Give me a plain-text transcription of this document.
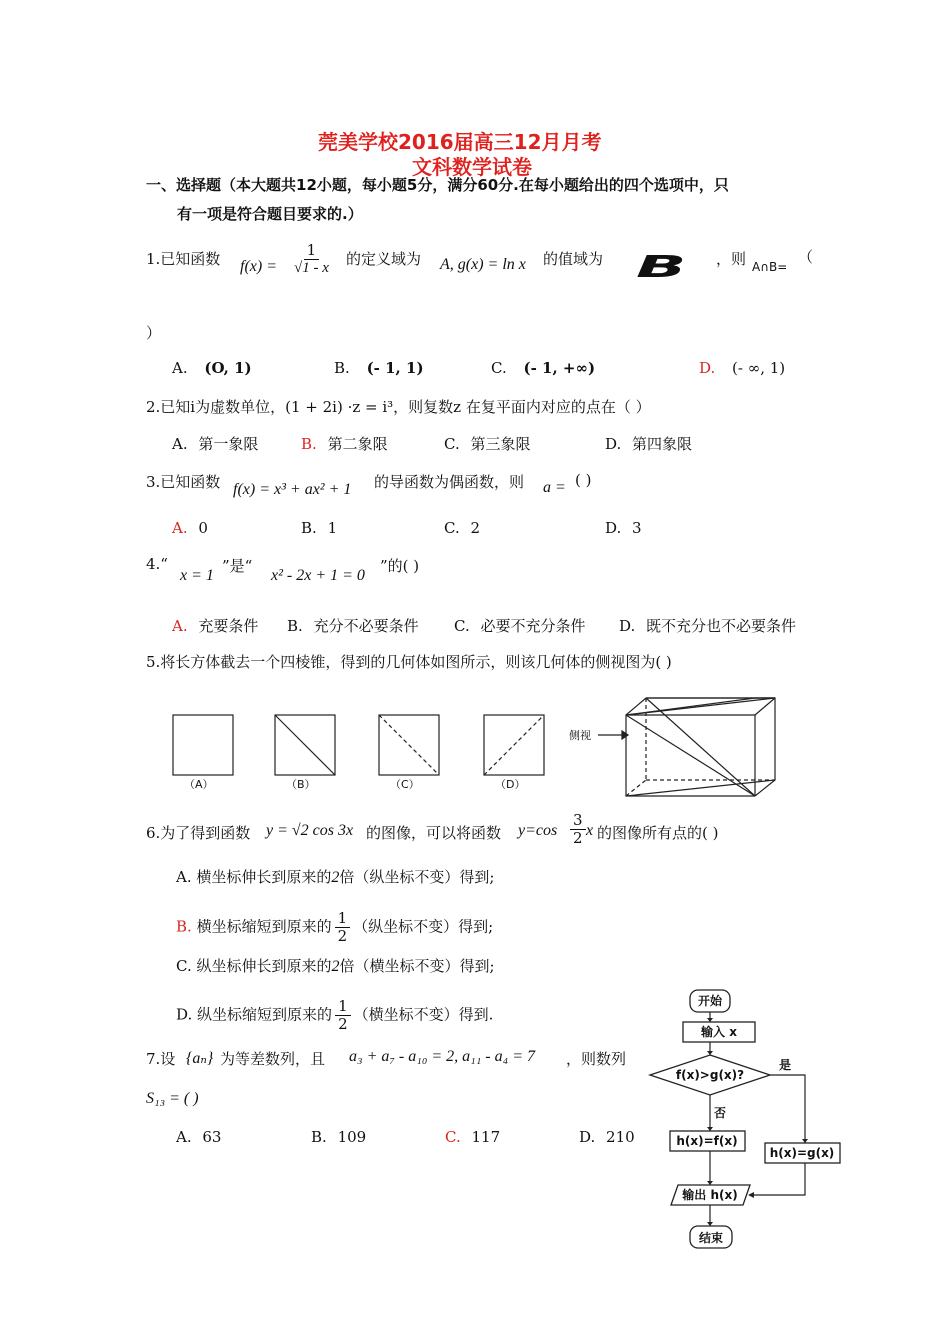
莞美学校2016届高三12月月考
文科数学试卷
一、选择题（本大题共12小题，每小题5分，满分60分.在每小题给出的四个选项中，只
有一项是符合题目要求的.）
1.已知函数 $f(x) = \frac{1}{√1 - x}$ 的定义域为 A, g(x) = ln x 的值域为 B ，则 A∩B=
（
）
A. (O, 1)	B. (- 1, 1)	C. (- 1, +∞)	D. (- ∞, 1)
2.已知i为虚数单位，(1 + 2i) ·z = i³，则复数z 在复平面内对应的点在（ ）
A. 第一象限	B. 第二象限	C. 第三象限	D. 第四象限
3.已知函数 f(x) = x³ + ax² + 1 的导函数为偶函数，则 a = ( )
A. 0	B. 1	C. 2	D. 3
4.“
x = 1
”是“
x² - 2x + 1 = 0
”的( )
A. 充要条件 B. 充分不必要条件 C. 必要不充分条件 D. 既不充分也不必要条件
5.将长方体截去一个四棱锥，得到的几何体如图所示，则该几何体的侧视图为( )
（A）	（B）	（C）	（D）
侧视
6.为了得到函数 y = √2 cos 3x 的图像，可以将函数 $y=\cos \frac{3}{2}$ x 的图像所有点的( )
A. 横坐标伸长到原来的2倍（纵坐标不变）得到;
B. 横坐标缩短到原来的 $\frac{1}{2}$ （纵坐标不变）得到;
C. 纵坐标伸长到原来的2倍（横坐标不变）得到;
D. 纵坐标缩短到原来的 $\frac{1}{2}$ （横坐标不变）得到.
7.设 {aₙ} 为等差数列，且 a₃ + a₇ - a₁₀ = 2, a₁₁ - a₄ = 7 ，则数列
S₁₃ = ( )
A. 63	B. 109	C. 117	D. 210
开始
输入 x
f(x)>g(x)?
是
否
h(x)=f(x)
h(x)=g(x)
输出 h(x)
结束
